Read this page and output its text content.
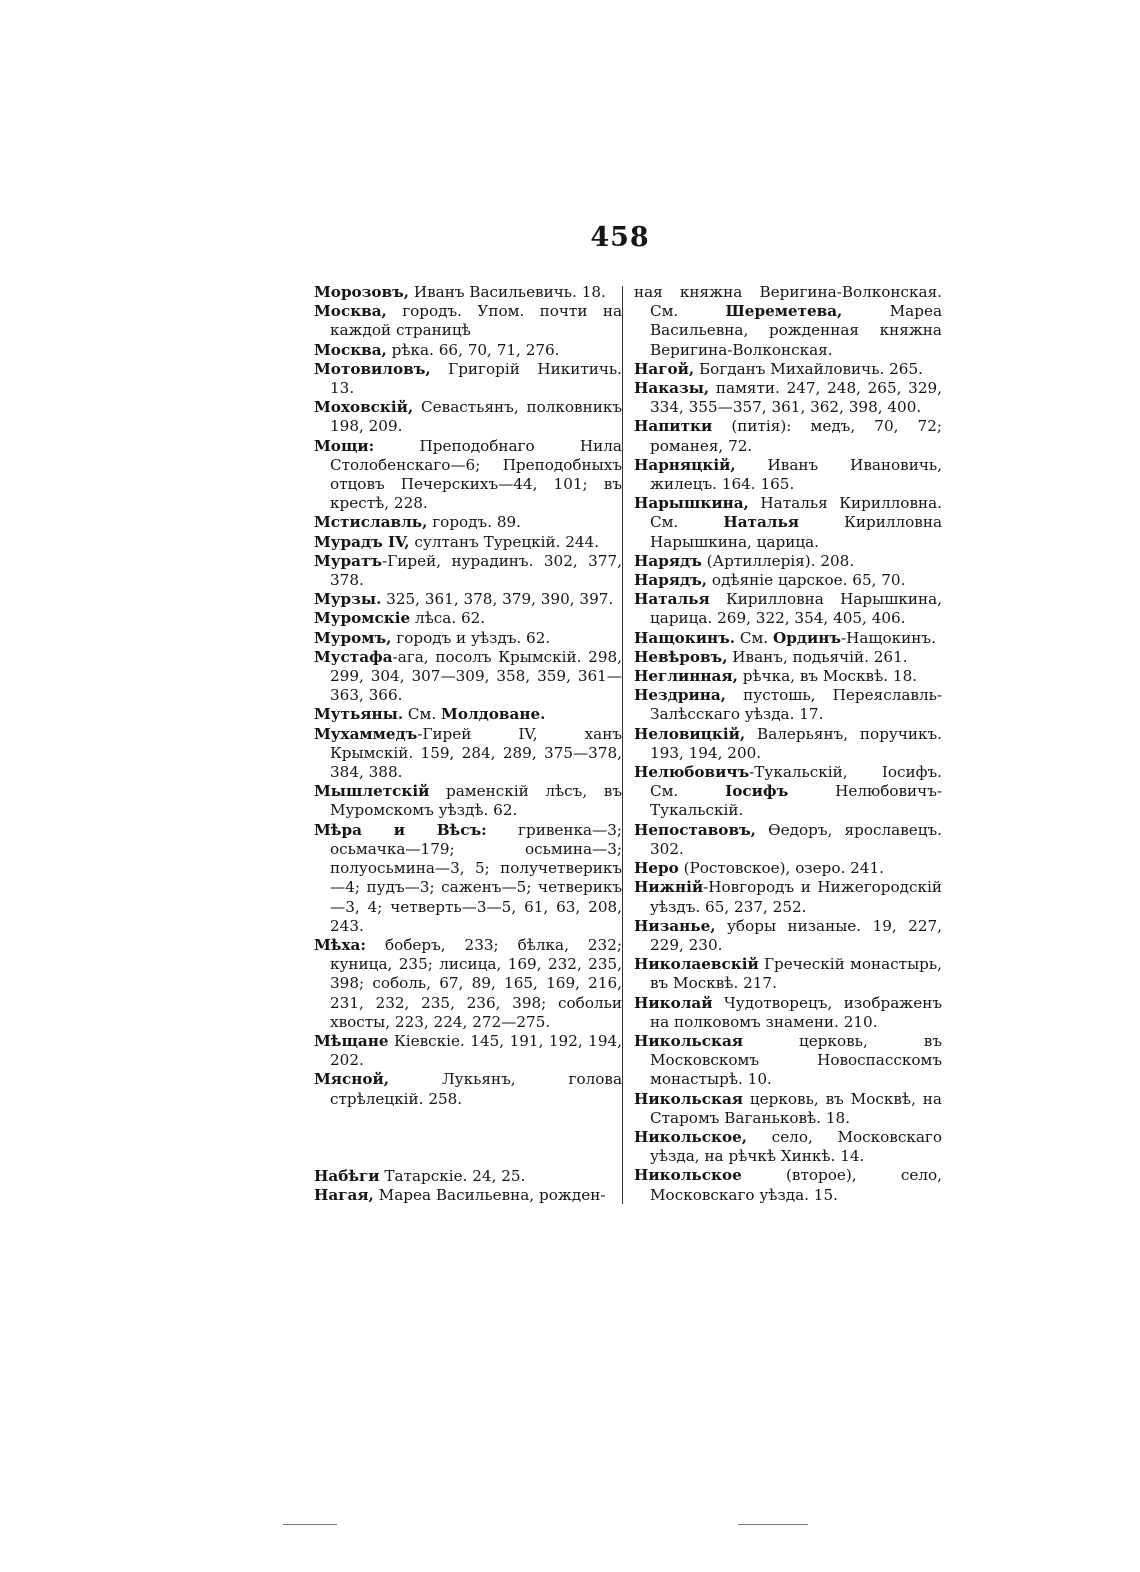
458

Морозовъ, Иванъ Васильевичь. 18.

Москва, городъ. Упом. почти на каждой страницѣ

Москва, рѣка. 66, 70, 71, 276.

Мотовиловъ, Григорій Никитичь. 13.

Моховскій, Севастьянъ, полковникъ 198, 209.

Мощи: Преподобнаго Нила Столобенскаго—6; Преподобныхъ отцовъ Печерскихъ—44, 101; въ крестѣ, 228.

Мстиславль, городъ. 89.

Мурадъ IV, султанъ Турецкій. 244.

Муратъ-Гирей, нурадинъ. 302, 377, 378.

Мурзы. 325, 361, 378, 379, 390, 397.

Муромскіе лѣса. 62.

Муромъ, городъ и уѣздъ. 62.

Мустафа-ага, посолъ Крымскій. 298, 299, 304, 307—309, 358, 359, 361—363, 366.

Мутьяны. См. Молдоване.

Мухаммедъ-Гирей IV, ханъ Крымскій. 159, 284, 289, 375—378, 384, 388.

Мышлетскій раменскій лѣсъ, въ Муромскомъ уѣздѣ. 62.

Мѣра и Вѣсъ: гривенка—3; осьмачка—179; осьмина—3; полуосьмина—3, 5; получетверикъ—4; пудъ—3; саженъ—5; четверикъ—3, 4; четверть—3—5, 61, 63, 208, 243.

Мѣха: боберъ, 233; бѣлка, 232; куница, 235; лисица, 169, 232, 235, 398; соболь, 67, 89, 165, 169, 216, 231, 232, 235, 236, 398; собольи хвосты, 223, 224, 272—275.

Мѣщане Кіевскіе. 145, 191, 192, 194, 202.

Мясной, Лукьянъ, голова стрѣлецкій. 258.

Набѣги Татарскіе. 24, 25.

Нагая, Мареа Васильевна, рожден-

ная княжна Веригина-Волконская. См. Шереметева, Мареа Васильевна, рожденная княжна Веригина-Волконская.

Нагой, Богданъ Михайловичь. 265.

Наказы, памяти. 247, 248, 265, 329, 334, 355—357, 361, 362, 398, 400.

Напитки (питія): медъ, 70, 72; романея, 72.

Нарняцкій, Иванъ Ивановичь, жилецъ. 164. 165.

Нарышкина, Наталья Кирилловна. См. Наталья Кирилловна Нарышкина, царица.

Нарядъ (Артиллерія). 208.

Нарядъ, одѣяніе царское. 65, 70.

Наталья Кирилловна Нарышкина, царица. 269, 322, 354, 405, 406.

Нащокинъ. См. Ординъ-Нащокинъ.

Невѣровъ, Иванъ, подьячій. 261.

Неглинная, рѣчка, въ Москвѣ. 18.

Нездрина, пустошь, Переяславль-Залѣсскаго уѣзда. 17.

Неловицкій, Валерьянъ, поручикъ. 193, 194, 200.

Нелюбовичъ-Тукальскій, Іосифъ. См. Іосифъ Нелюбовичъ-Тукальскій.

Непоставовъ, Өедоръ, ярославецъ. 302.

Неро (Ростовское), озеро. 241.

Нижній-Новгородъ и Нижегородскій уѣздъ. 65, 237, 252.

Низанье, уборы низаные. 19, 227, 229, 230.

Николаевскій Греческій монастырь, въ Москвѣ. 217.

Николай Чудотворецъ, изображенъ на полковомъ знамени. 210.

Никольская церковь, въ Московскомъ Новоспасскомъ монастырѣ. 10.

Никольская церковь, въ Москвѣ, на Старомъ Ваганьковѣ. 18.

Никольское, село, Московскаго уѣзда, на рѣчкѣ Хинкѣ. 14.

Никольское (второе), село, Московскаго уѣзда. 15.
